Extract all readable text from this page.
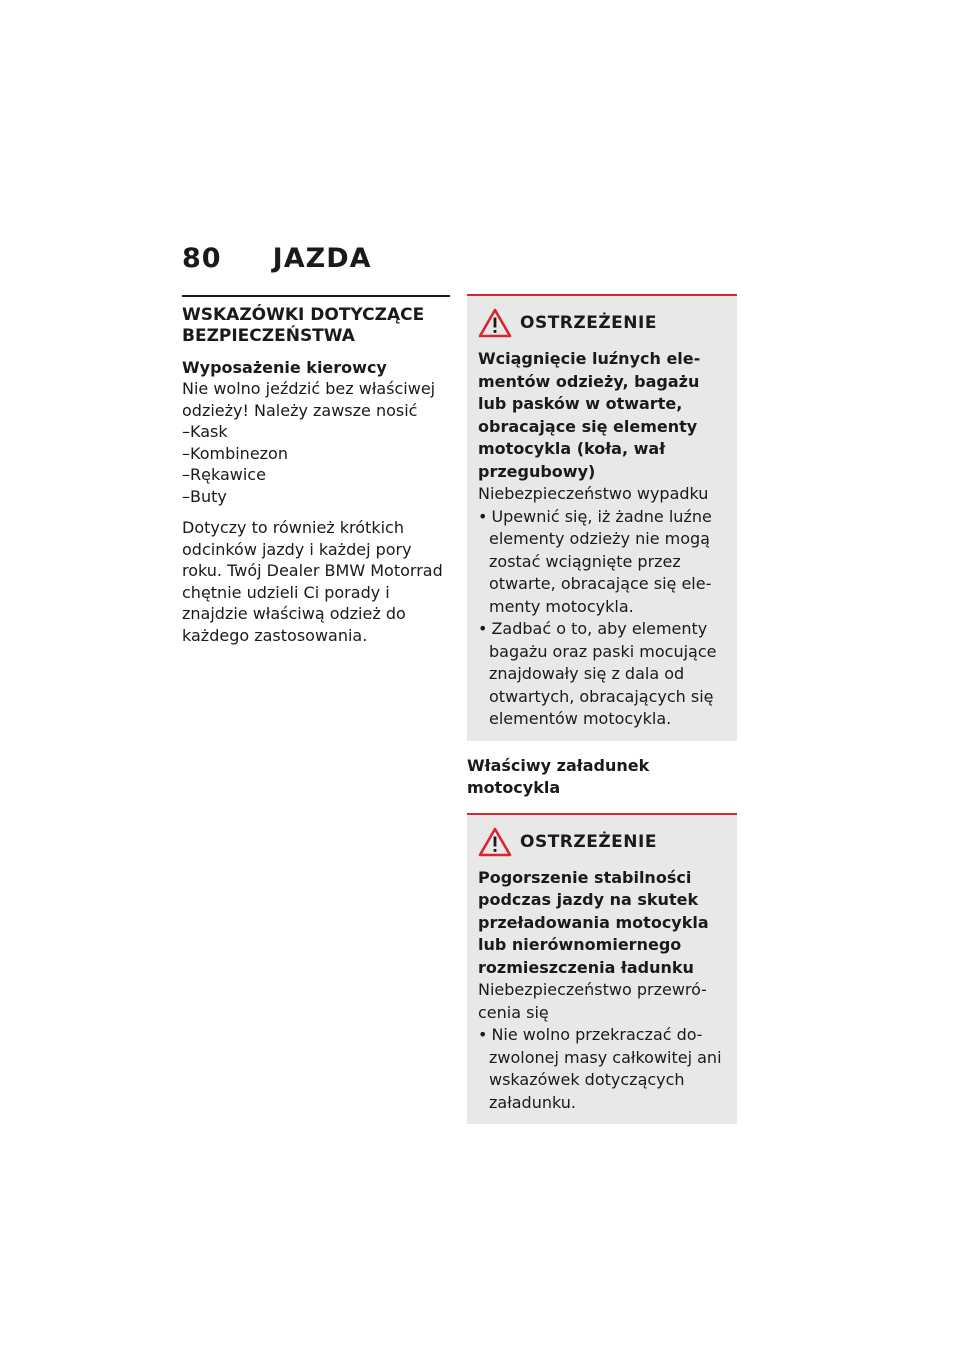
80 JAZDA
WSKAZÓWKI DOTYCZĄCE BEZPIECZEŃSTWA
Wyposażenie kierowcy

Nie wolno jeździć bez właściwej odzieży! Należy zawsze nosić

– Kask
– Kombinezon
– Rękawice
– Buty

Dotyczy to również krótkich odcinków jazdy i każdej pory roku. Twój Dealer BMW Motorrad chętnie udzieli Ci porady i znajdzie właściwą odzież do każdego zastosowania.

OSTRZEŻENIE

Wciągnięcie luźnych elementów odzieży, bagażu lub pasków w otwarte, obracające się elementy motocykla (koła, wał przegubowy)

Niebezpieczeństwo wypadku

• Upewnić się, iż żadne luźne elementy odzieży nie mogą zostać wciągnięte przez otwarte, obracające się elementy motocykla.
• Zadbać o to, aby elementy bagażu oraz paski mocujące znajdowały się z dala od otwartych, obracających się elementów motocykla.
Właściwy załadunek motocykla
OSTRZEŻENIE

Pogorszenie stabilności podczas jazdy na skutek przeładowania motocykla lub nierównomiernego rozmieszczenia ładunku

Niebezpieczeństwo przewrócenia się

• Nie wolno przekraczać dozwolonej masy całkowitej ani wskazówek dotyczących załadunku.
